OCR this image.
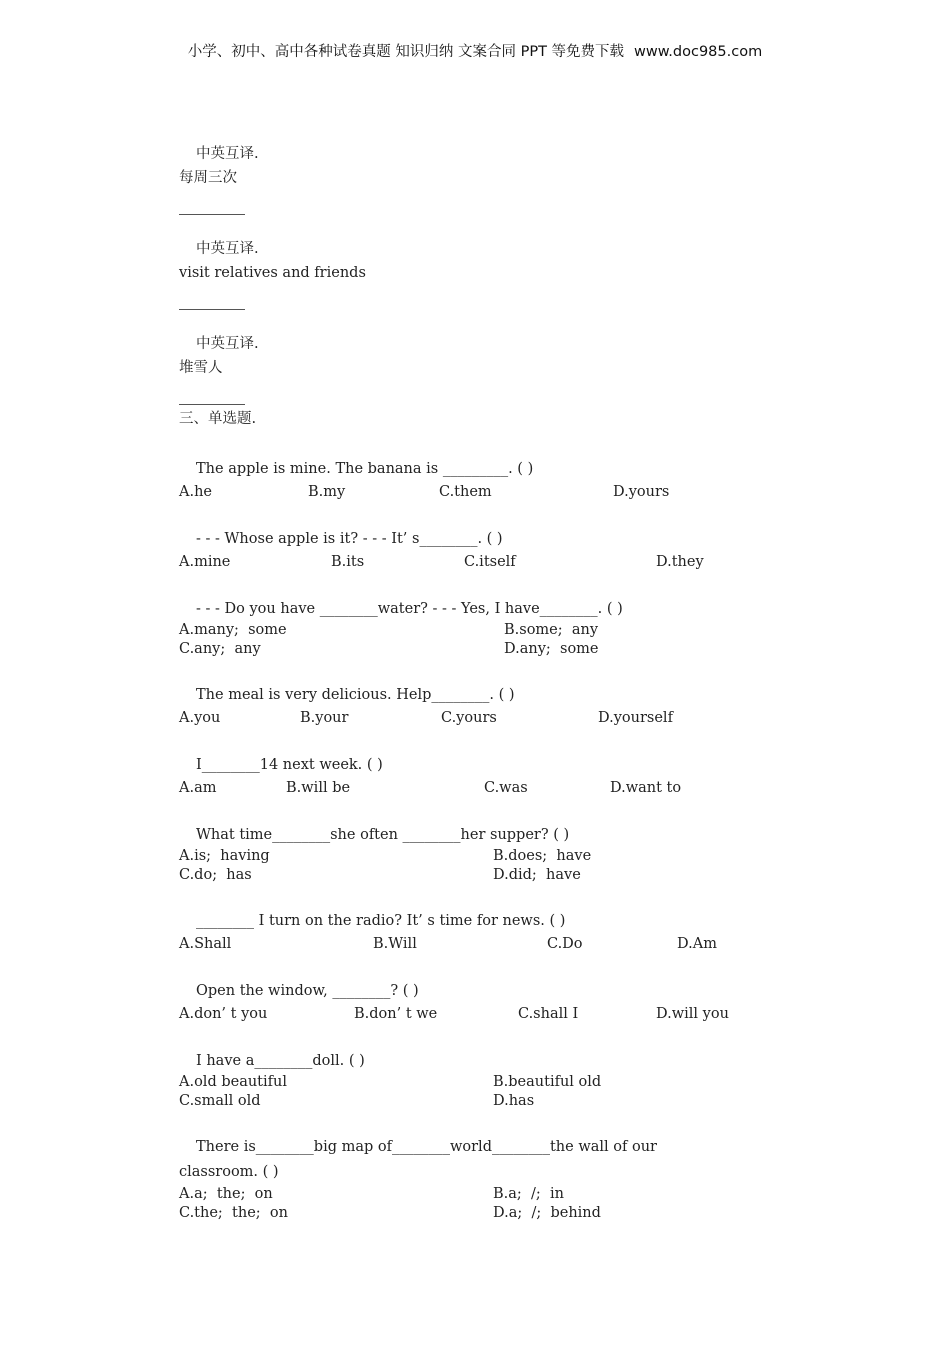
小学、初中、高中各种试卷真题 知识归纳 文案合同 PPT 等免费下载 www.doc985.com
中英互译.
每周三次
中英互译.
visit relatives and friends
中英互译.
堆雪人
三、单选题.
The apple is mine. The banana is _________. ( )
A.he	B.my	C.them	D.yours
- - - Whose apple is it? - - - It’ s________. ( )
A.mine	B.its	C.itself	D.they
- - - Do you have ________water? - - - Yes, I have________. ( )
A.many;  some	B.some;  any
C.any;  any	D.any;  some
The meal is very delicious. Help________. ( )
A.you	B.your	C.yours	D.yourself
I________14 next week. ( )
A.am	B.will be	C.was	D.want to
What time________she often ________her supper? ( )
A.is;  having	B.does;  have
C.do;  has	D.did;  have
________ I turn on the radio? It’ s time for news. ( )
A.Shall	B.Will	C.Do	D.Am
Open the window, ________? ( )
A.don’ t you	B.don’ t we	C.shall I	D.will you
I have a________doll. ( )
A.old beautiful	B.beautiful old
C.small old	D.has
There is________big map of________world________the wall of our classroom. ( )
A.a;  the;  on	B.a;  /;  in
C.the;  the;  on	D.a;  /;  behind
